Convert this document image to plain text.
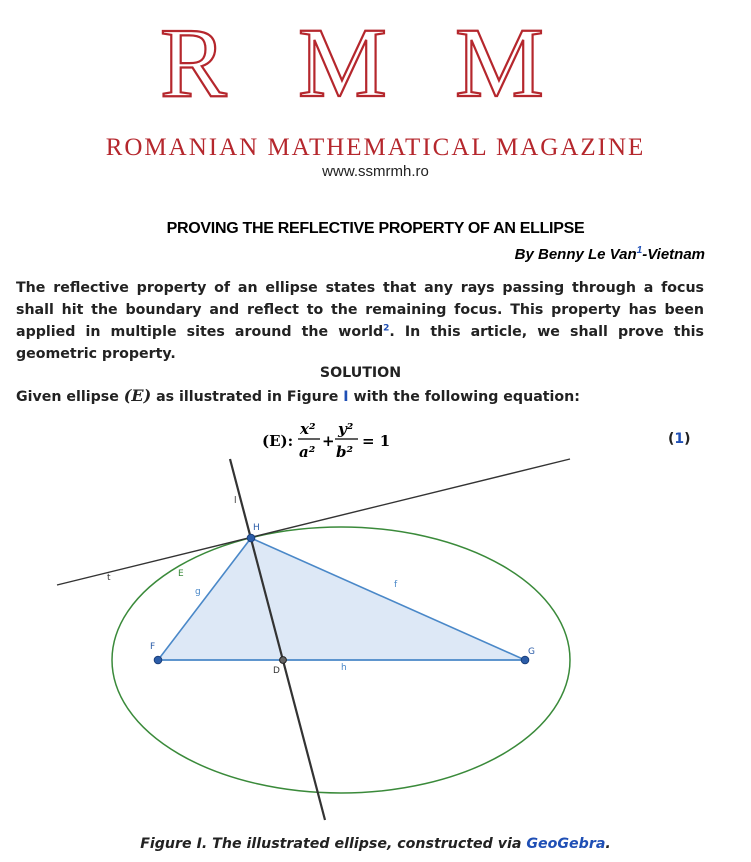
R M M
ROMANIAN MATHEMATICAL MAGAZINE
www.ssmrmh.ro
PROVING THE REFLECTIVE PROPERTY OF AN ELLIPSE
By Benny Le Van$^1$-Vietnam
The reflective property of an ellipse states that any rays passing through a focus shall hit the boundary and reflect to the remaining focus. This property has been applied in multiple sites around the world$^2$. In this article, we shall prove this geometric property.
SOLUTION
Given ellipse (E) as illustrated in Figure I with the following equation:
(E):
x²
a²
+
y²
b²
= 1	(1)
H
E
t
l
g
f
F	G
D	h
Figure I. The illustrated ellipse, constructed via GeoGebra.
